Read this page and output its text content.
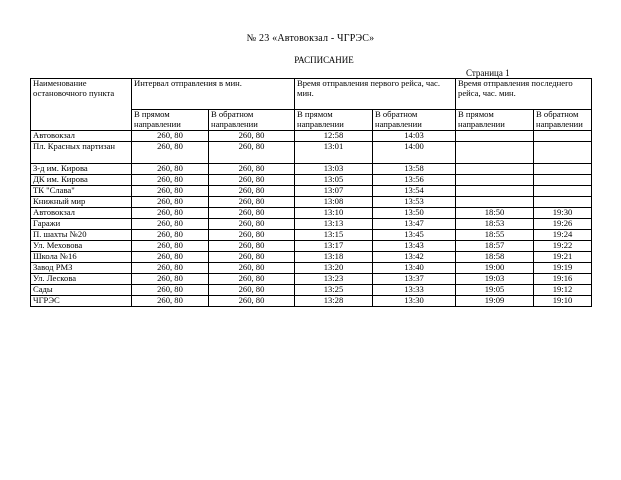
№ 23 «Автовокзал - ЧГРЭС»
РАСПИСАНИЕ
Страница 1
Наименование остановочного пункта	Интервал отправления в мин.		Время отправления первого рейса, час. мин.		Время отправления последнего рейса, час. мин.	
	В прямом направлении	В обратном направлении	В прямом направлении	В обратном направлении	В прямом направлении	В обратном направлении
Автовокзал	260, 80	260, 80	12:58	14:03		
Пл. Красных партизан	260, 80	260, 80	13:01	14:00		
З-д им. Кирова	260, 80	260, 80	13:03	13:58		
ДК им. Кирова	260, 80	260, 80	13:05	13:56		
ТК "Слава"	260, 80	260, 80	13:07	13:54		
Книжный мир	260, 80	260, 80	13:08	13:53		
Автовокзал	260, 80	260, 80	13:10	13:50	18:50	19:30
Гаражи	260, 80	260, 80	13:13	13:47	18:53	19:26
П. шахты №20	260, 80	260, 80	13:15	13:45	18:55	19:24
Ул. Меховова	260, 80	260, 80	13:17	13:43	18:57	19:22
Школа №16	260, 80	260, 80	13:18	13:42	18:58	19:21
Завод РМЗ	260, 80	260, 80	13:20	13:40	19:00	19:19
Ул. Лескова	260, 80	260, 80	13:23	13:37	19:03	19:16
Сады	260, 80	260, 80	13:25	13:33	19:05	19:12
ЧГРЭС	260, 80	260, 80	13:28	13:30	19:09	19:10
